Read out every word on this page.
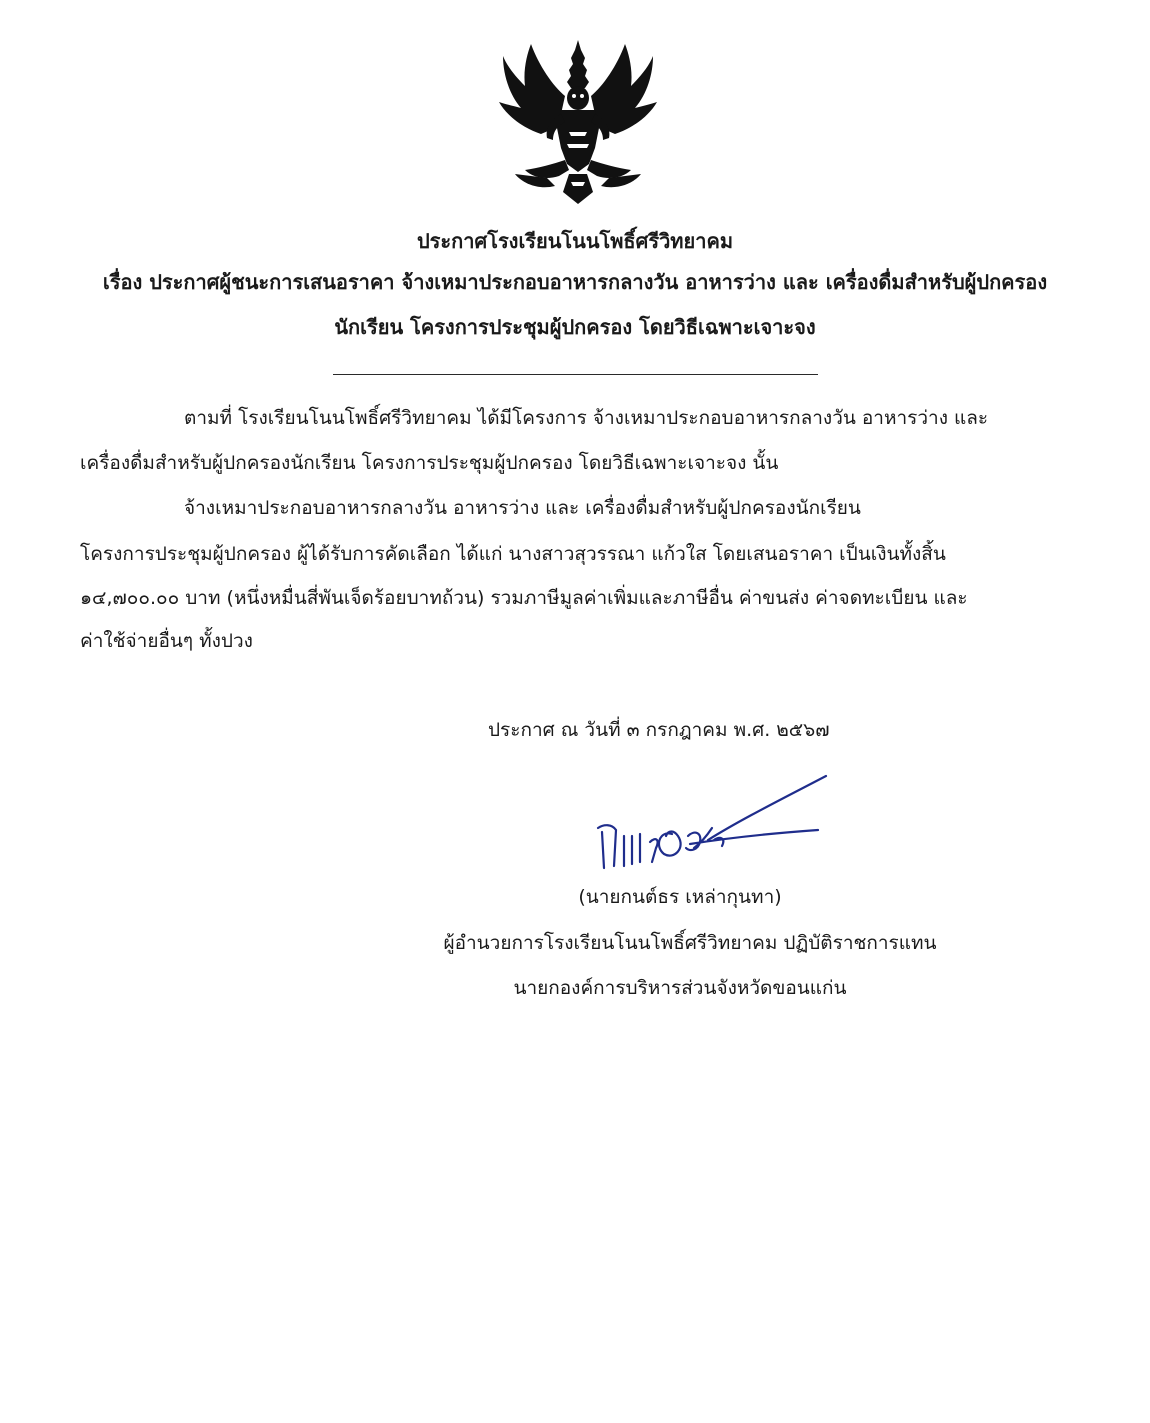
ประกาศโรงเรียนโนนโพธิ์ศรีวิทยาคม
เรื่อง ประกาศผู้ชนะการเสนอราคา จ้างเหมาประกอบอาหารกลางวัน อาหารว่าง และ เครื่องดื่มสำหรับผู้ปกครอง
นักเรียน โครงการประชุมผู้ปกครอง โดยวิธีเฉพาะเจาะจง
ตามที่ โรงเรียนโนนโพธิ์ศรีวิทยาคม ได้มีโครงการ จ้างเหมาประกอบอาหารกลางวัน อาหารว่าง และ
เครื่องดื่มสำหรับผู้ปกครองนักเรียน โครงการประชุมผู้ปกครอง โดยวิธีเฉพาะเจาะจง นั้น
จ้างเหมาประกอบอาหารกลางวัน อาหารว่าง และ เครื่องดื่มสำหรับผู้ปกครองนักเรียน
โครงการประชุมผู้ปกครอง ผู้ได้รับการคัดเลือก ได้แก่ นางสาวสุวรรณา แก้วใส โดยเสนอราคา เป็นเงินทั้งสิ้น
๑๔,๗๐๐.๐๐ บาท (หนึ่งหมื่นสี่พันเจ็ดร้อยบาทถ้วน) รวมภาษีมูลค่าเพิ่มและภาษีอื่น ค่าขนส่ง ค่าจดทะเบียน และ
ค่าใช้จ่ายอื่นๆ ทั้งปวง
ประกาศ ณ วันที่ ๓ กรกฎาคม พ.ศ. ๒๕๖๗
(นายกนต์ธร เหล่ากุนทา)
ผู้อำนวยการโรงเรียนโนนโพธิ์ศรีวิทยาคม ปฏิบัติราชการแทน
นายกองค์การบริหารส่วนจังหวัดขอนแก่น
